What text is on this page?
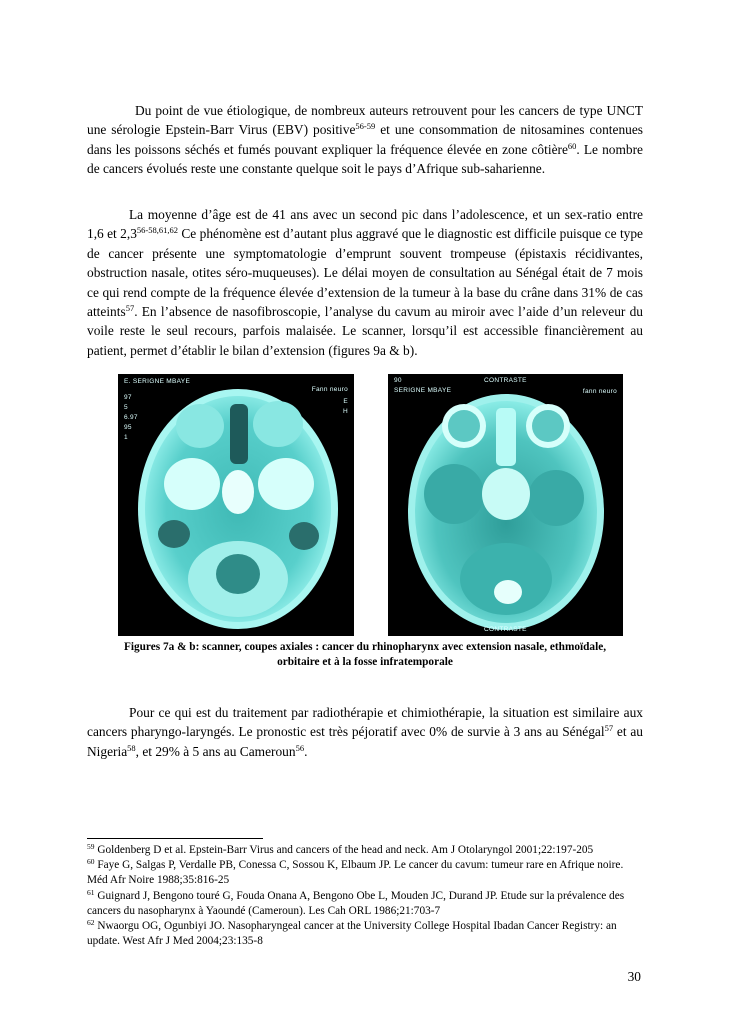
Du point de vue étiologique, de nombreux auteurs retrouvent pour les cancers de type UNCT une sérologie Epstein-Barr Virus (EBV) positive$^{56-59}$ et une consommation de nitosamines contenues dans les poissons séchés et fumés pouvant expliquer la fréquence élevée en zone côtière$^{60}$. Le nombre de cancers évolués reste une constante quelque soit le pays d’Afrique sub-saharienne.

La moyenne d’âge est de 41 ans avec un second pic dans l’adolescence, et un sex-ratio entre 1,6 et 2,3$^{56-58,61,62}$ Ce phénomène est d’autant plus aggravé que le diagnostic est difficile puisque ce type de cancer présente une symptomatologie d’emprunt souvent trompeuse (épistaxis récidivantes, obstruction nasale, otites séro-muqueuses). Le délai moyen de consultation au Sénégal était de 7 mois ce qui rend compte de la fréquence élevée d’extension de la tumeur à la base du crâne dans 31% de cas atteints$^{57}$. En l’absence de nasofibroscopie, l’analyse du cavum au miroir avec l’aide d’un releveur du voile reste le seul recours, parfois malaisée. Le scanner, lorsqu’il est accessible financièrement au patient, permet d’établir le bilan d’extension (figures 9a & b).

E. SERIGNE MBAYE
97
5
6.97
95
1
Fann neuro
E
H
90
SERIGNE MBAYE
CONTRASTE
fann neuro
CONTRASTE
Figures 7a & b: scanner, coupes axiales : cancer du rhinopharynx avec extension nasale, ethmoïdale,
orbitaire et à la fosse infratemporale

Pour ce qui est du traitement par radiothérapie et chimiothérapie, la situation est similaire aux cancers pharyngo-laryngés. Le pronostic est très péjoratif avec 0% de survie à 3 ans au Sénégal$^{57}$ et au Nigeria$^{58}$, et 29% à 5 ans au Cameroun$^{56}$.

$^{59}$ Goldenberg D et al. Epstein-Barr Virus and cancers of the head and neck. Am J Otolaryngol 2001;22:197-205

$^{60}$ Faye G, Salgas P, Verdalle PB, Conessa C, Sossou K, Elbaum JP. Le cancer du cavum: tumeur rare en Afrique noire. Méd Afr Noire 1988;35:816-25

$^{61}$ Guignard J, Bengono touré G, Fouda Onana A, Bengono Obe L, Mouden JC, Durand JP. Etude sur la prévalence des cancers du nasopharynx à Yaoundé (Cameroun). Les Cah ORL 1986;21:703-7

$^{62}$ Nwaorgu OG, Ogunbiyi JO. Nasopharyngeal cancer at the University College Hospital Ibadan Cancer Registry: an update. West Afr J Med 2004;23:135-8

30
